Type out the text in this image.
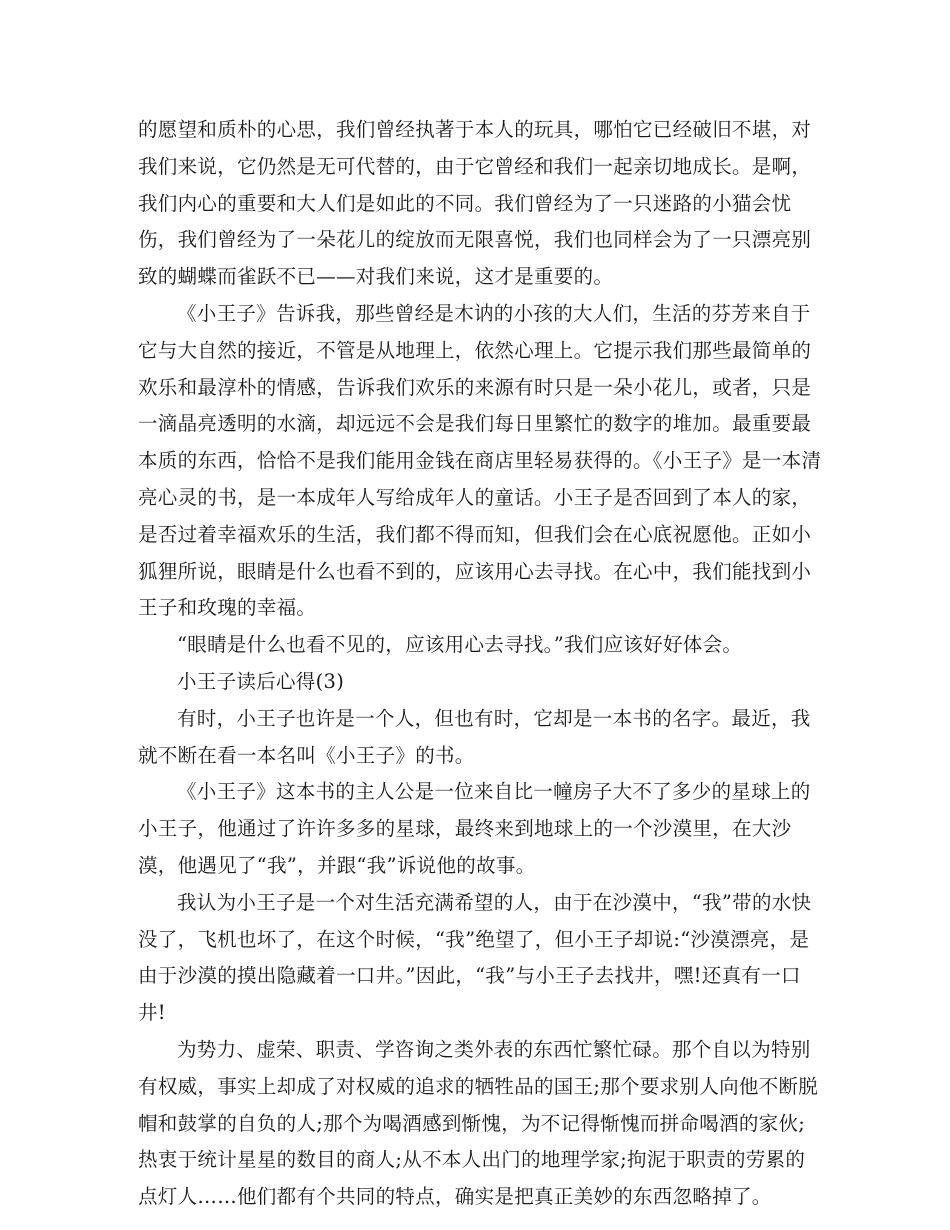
的愿望和质朴的心思，我们曾经执著于本人的玩具，哪怕它已经破旧不堪，对我们来说，它仍然是无可代替的，由于它曾经和我们一起亲切地成长。是啊，我们内心的重要和大人们是如此的不同。我们曾经为了一只迷路的小猫会忧伤，我们曾经为了一朵花儿的绽放而无限喜悦，我们也同样会为了一只漂亮别致的蝴蝶而雀跃不已——对我们来说，这才是重要的。

《小王子》告诉我，那些曾经是木讷的小孩的大人们，生活的芬芳来自于它与大自然的接近，不管是从地理上，依然心理上。它提示我们那些最简单的欢乐和最淳朴的情感，告诉我们欢乐的来源有时只是一朵小花儿，或者，只是一滴晶亮透明的水滴，却远远不会是我们每日里繁忙的数字的堆加。最重要最本质的东西，恰恰不是我们能用金钱在商店里轻易获得的。《小王子》是一本清亮心灵的书，是一本成年人写给成年人的童话。小王子是否回到了本人的家，是否过着幸福欢乐的生活，我们都不得而知，但我们会在心底祝愿他。正如小狐狸所说，眼睛是什么也看不到的，应该用心去寻找。在心中，我们能找到小王子和玫瑰的幸福。

“眼睛是什么也看不见的，应该用心去寻找。”我们应该好好体会。

小王子读后心得(3)

有时，小王子也许是一个人，但也有时，它却是一本书的名字。最近，我就不断在看一本名叫《小王子》的书。

《小王子》这本书的主人公是一位来自比一幢房子大不了多少的星球上的小王子，他通过了许许多多的星球，最终来到地球上的一个沙漠里，在大沙漠，他遇见了“我”，并跟“我”诉说他的故事。

我认为小王子是一个对生活充满希望的人，由于在沙漠中，“我”带的水快没了，飞机也坏了，在这个时候，“我”绝望了，但小王子却说:“沙漠漂亮，是由于沙漠的摸出隐藏着一口井。”因此，“我”与小王子去找井，嘿!还真有一口井!

为势力、虚荣、职责、学咨询之类外表的东西忙繁忙碌。那个自以为特别有权威，事实上却成了对权威的追求的牺牲品的国王;那个要求别人向他不断脱帽和鼓掌的自负的人;那个为喝酒感到惭愧，为不记得惭愧而拼命喝酒的家伙;热衷于统计星星的数目的商人;从不本人出门的地理学家;拘泥于职责的劳累的点灯人……他们都有个共同的特点，确实是把真正美妙的东西忽略掉了。
